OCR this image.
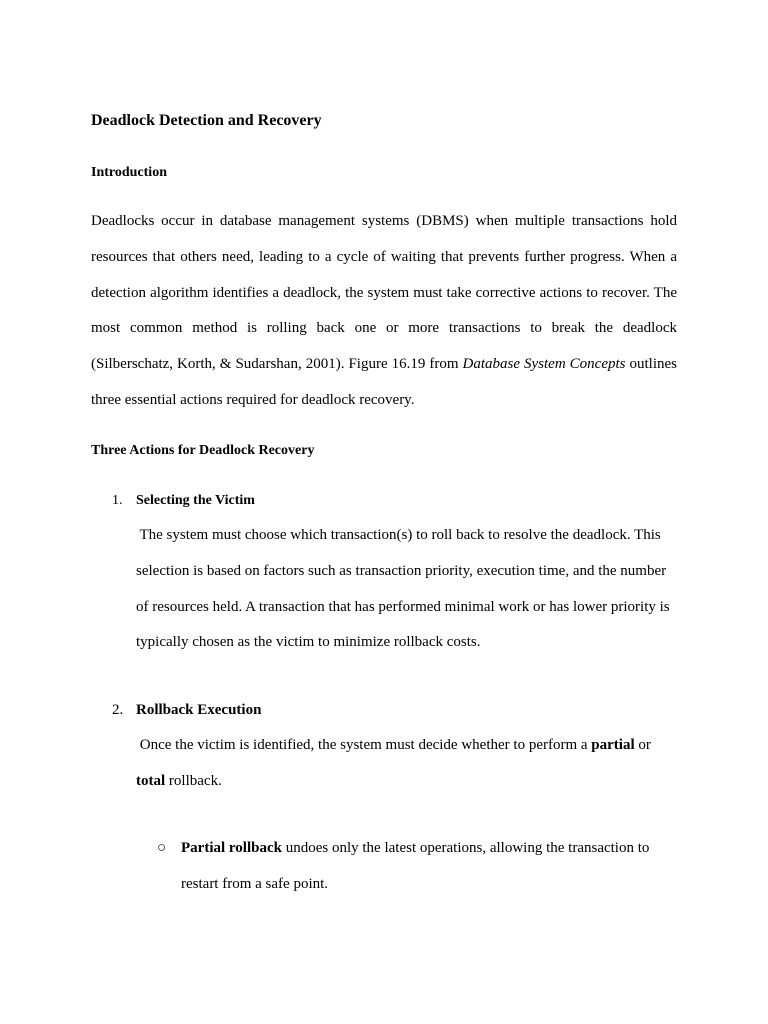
Deadlock Detection and Recovery
Introduction
Deadlocks occur in database management systems (DBMS) when multiple transactions hold
resources that others need, leading to a cycle of waiting that prevents further progress. When a
detection algorithm identifies a deadlock, the system must take corrective actions to recover. The
most common method is rolling back one or more transactions to break the deadlock
(Silberschatz, Korth, & Sudarshan, 2001). Figure 16.19 from Database System Concepts outlines
three essential actions required for deadlock recovery.
Three Actions for Deadlock Recovery
1. Selecting the Victim
The system must choose which transaction(s) to roll back to resolve the deadlock. This
selection is based on factors such as transaction priority, execution time, and the number
of resources held. A transaction that has performed minimal work or has lower priority is
typically chosen as the victim to minimize rollback costs.
2. Rollback Execution
Once the victim is identified, the system must decide whether to perform a partial or
total rollback.
○ Partial rollback undoes only the latest operations, allowing the transaction to
restart from a safe point.
